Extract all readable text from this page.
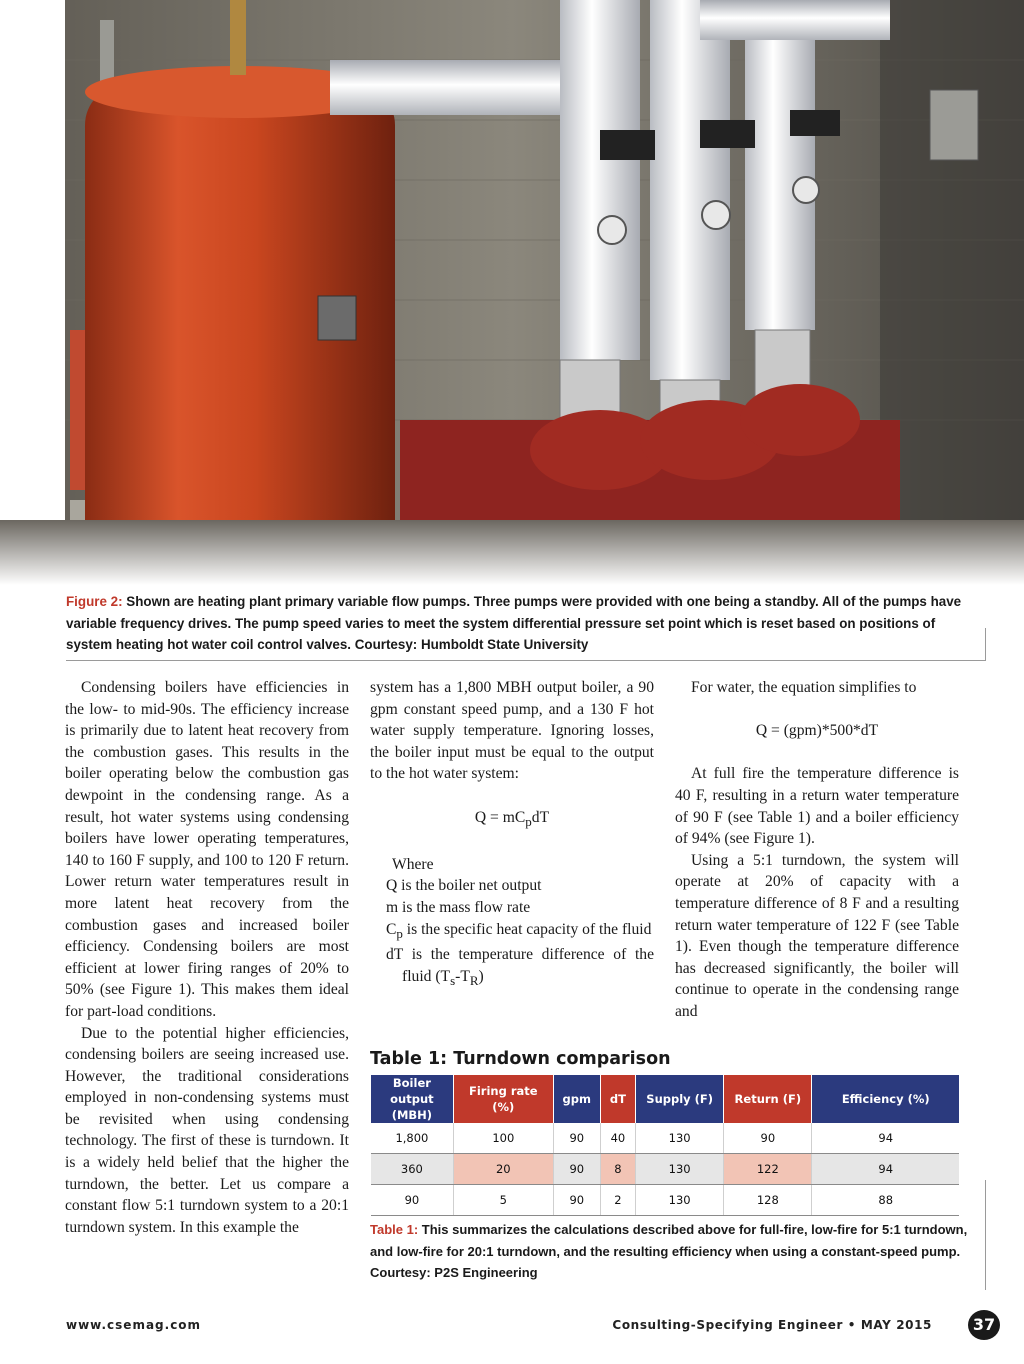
Figure 2: Shown are heating plant primary variable flow pumps. Three pumps were provided with one being a standby. All of the pumps have variable frequency drives. The pump speed varies to meet the system differential pressure set point which is reset based on positions of system heating hot water coil control valves. Courtesy: Humboldt State University

Condensing boilers have efficiencies in the low- to mid-90s. The efficiency increase is primarily due to latent heat recovery from the combustion gases. This results in the boiler operating below the combustion gas dewpoint in the condensing range. As a result, hot water systems using condensing boilers have lower operating temperatures, 140 to 160 F supply, and 100 to 120 F return. Lower return water temperatures result in more latent heat recovery from the combustion gases and increased boiler efficiency. Condensing boilers are most efficient at lower firing ranges of 20% to 50% (see Figure 1). This makes them ideal for part-load conditions.

Due to the potential higher efficiencies, condensing boilers are seeing increased use. However, the traditional considerations employed in non-condensing systems must be revisited when using condensing technology. The first of these is turndown. It is a widely held belief that the higher the turndown, the better. Let us compare a constant flow 5:1 turndown system to a 20:1 turndown system. In this example the

system has a 1,800 MBH output boiler, a 90 gpm constant speed pump, and a 130 F hot water supply temperature. Ignoring losses, the boiler input must be equal to the output to the hot water system:

$Q = mC_pdT$

Where

Q is the boiler net output

m is the mass flow rate

$C_p$ is the specific heat capacity of the fluid

dT is the temperature difference of the fluid $(T_s-T_R)$

For water, the equation simplifies to

Q = (gpm)*500*dT

At full fire the temperature difference is 40 F, resulting in a return water temperature of 90 F (see Table 1) and a boiler efficiency of 94% (see Figure 1).

Using a 5:1 turndown, the system will operate at 20% of capacity with a temperature difference of 8 F and a resulting return water temperature of 122 F (see Table 1). Even though the temperature difference has decreased significantly, the boiler will continue to operate in the condensing range and

Table 1: Turndown comparison
Boiler output (MBH)	Firing rate (%)	gpm	dT	Supply (F)	Return (F)	Efficiency (%)
1,800	100	90	40	130	90	94
360	20	90	8	130	122	94
90	5	90	2	130	128	88
Table 1: This summarizes the calculations described above for full-fire, low-fire for 5:1 turndown, and low-fire for 20:1 turndown, and the resulting efficiency when using a constant-speed pump. Courtesy: P2S Engineering
www.csemag.com	Consulting-Specifying Engineer • MAY 2015	37
